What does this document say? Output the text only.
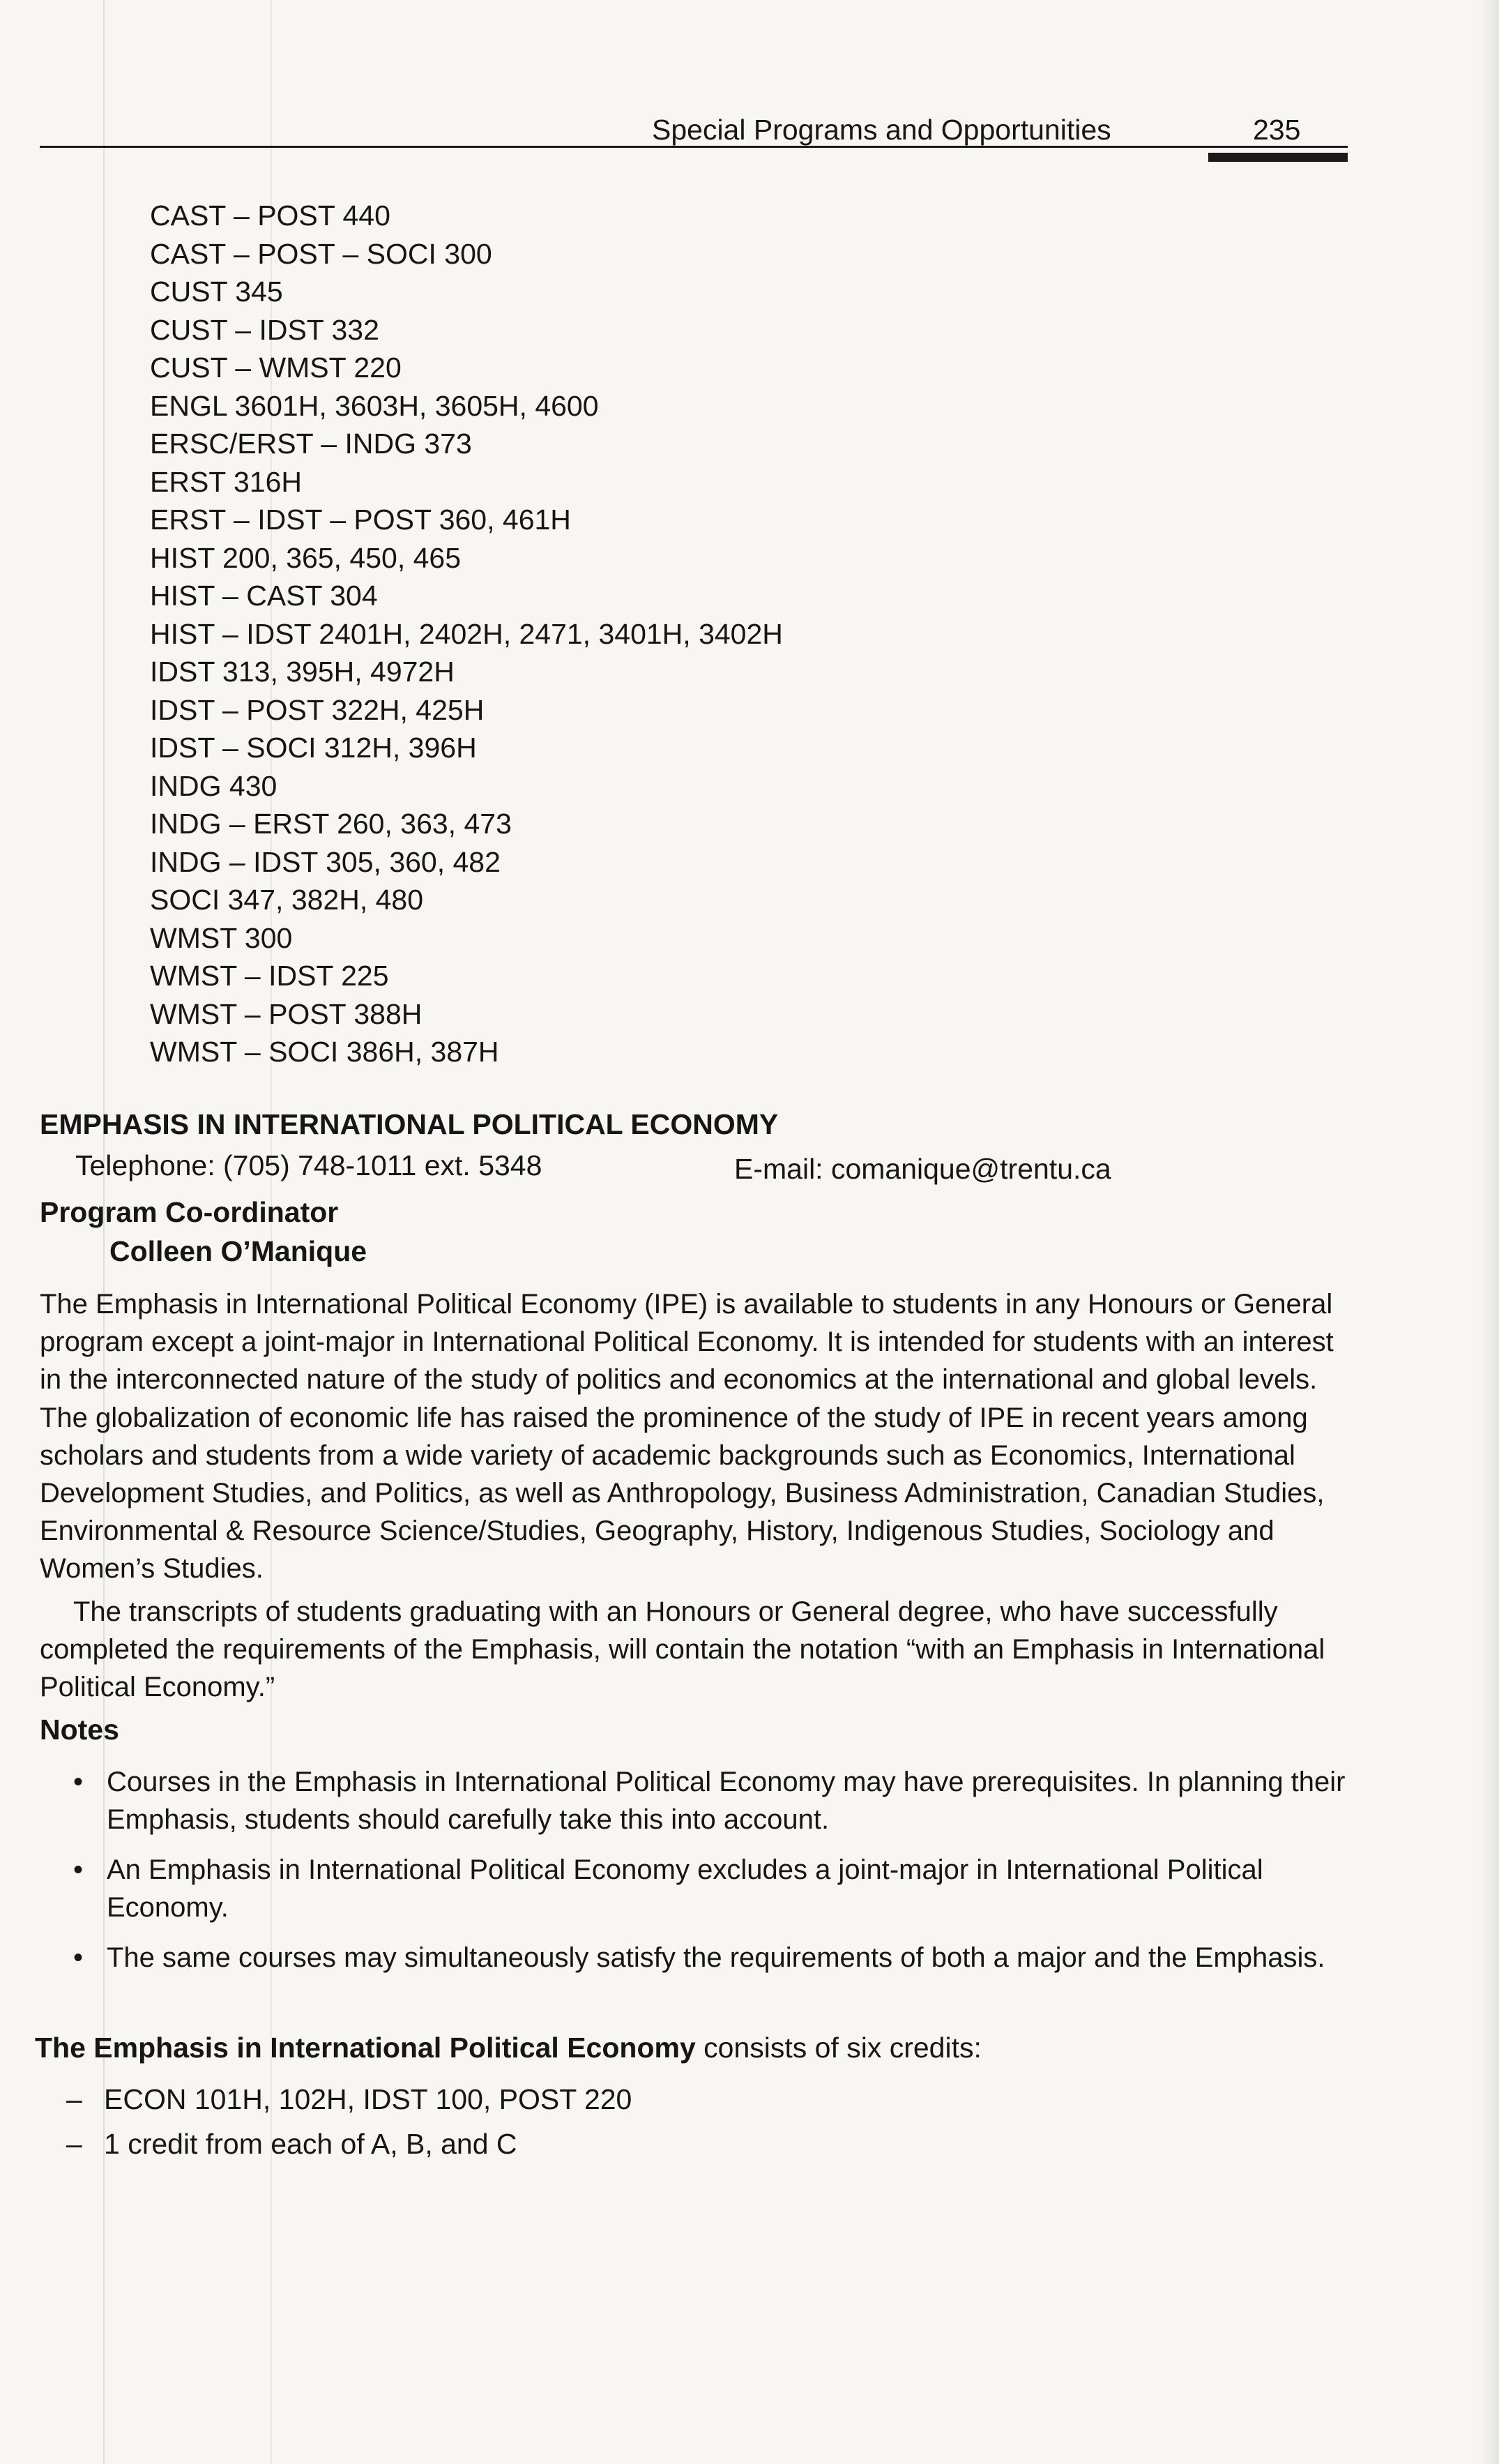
Special Programs and Opportunities	235
CAST – POST 440
CAST – POST – SOCI 300
CUST 345
CUST – IDST 332
CUST – WMST 220
ENGL 3601H, 3603H, 3605H, 4600
ERSC/ERST – INDG 373
ERST 316H
ERST – IDST – POST 360, 461H
HIST 200, 365, 450, 465
HIST – CAST 304
HIST – IDST 2401H, 2402H, 2471, 3401H, 3402H
IDST 313, 395H, 4972H
IDST – POST 322H, 425H
IDST – SOCI 312H, 396H
INDG 430
INDG – ERST 260, 363, 473
INDG – IDST 305, 360, 482
SOCI 347, 382H, 480
WMST 300
WMST – IDST 225
WMST – POST 388H
WMST – SOCI 386H, 387H
EMPHASIS IN INTERNATIONAL POLITICAL ECONOMY
Telephone: (705) 748-1011 ext. 5348	E-mail: comanique@trentu.ca
Program Co-ordinator
Colleen O’Manique

The Emphasis in International Political Economy (IPE) is available to students in any Honours or General program except a joint-major in International Political Economy. It is intended for students with an interest in the interconnected nature of the study of politics and economics at the international and global levels. The globalization of economic life has raised the prominence of the study of IPE in recent years among scholars and students from a wide variety of academic backgrounds such as Economics, International Development Studies, and Politics, as well as Anthropology, Business Administration, Canadian Studies, Environmental & Resource Science/Studies, Geography, History, Indigenous Studies, Sociology and Women’s Studies.

The transcripts of students graduating with an Honours or General degree, who have successfully completed the requirements of the Emphasis, will contain the notation “with an Emphasis in International Political Economy.”

Notes
• Courses in the Emphasis in International Political Economy may have prerequisites. In planning their Emphasis, students should carefully take this into account.
• An Emphasis in International Political Economy excludes a joint-major in International Political Economy.
• The same courses may simultaneously satisfy the requirements of both a major and the Emphasis.
The Emphasis in International Political Economy consists of six credits:
– ECON 101H, 102H, IDST 100, POST 220
– 1 credit from each of A, B, and C
